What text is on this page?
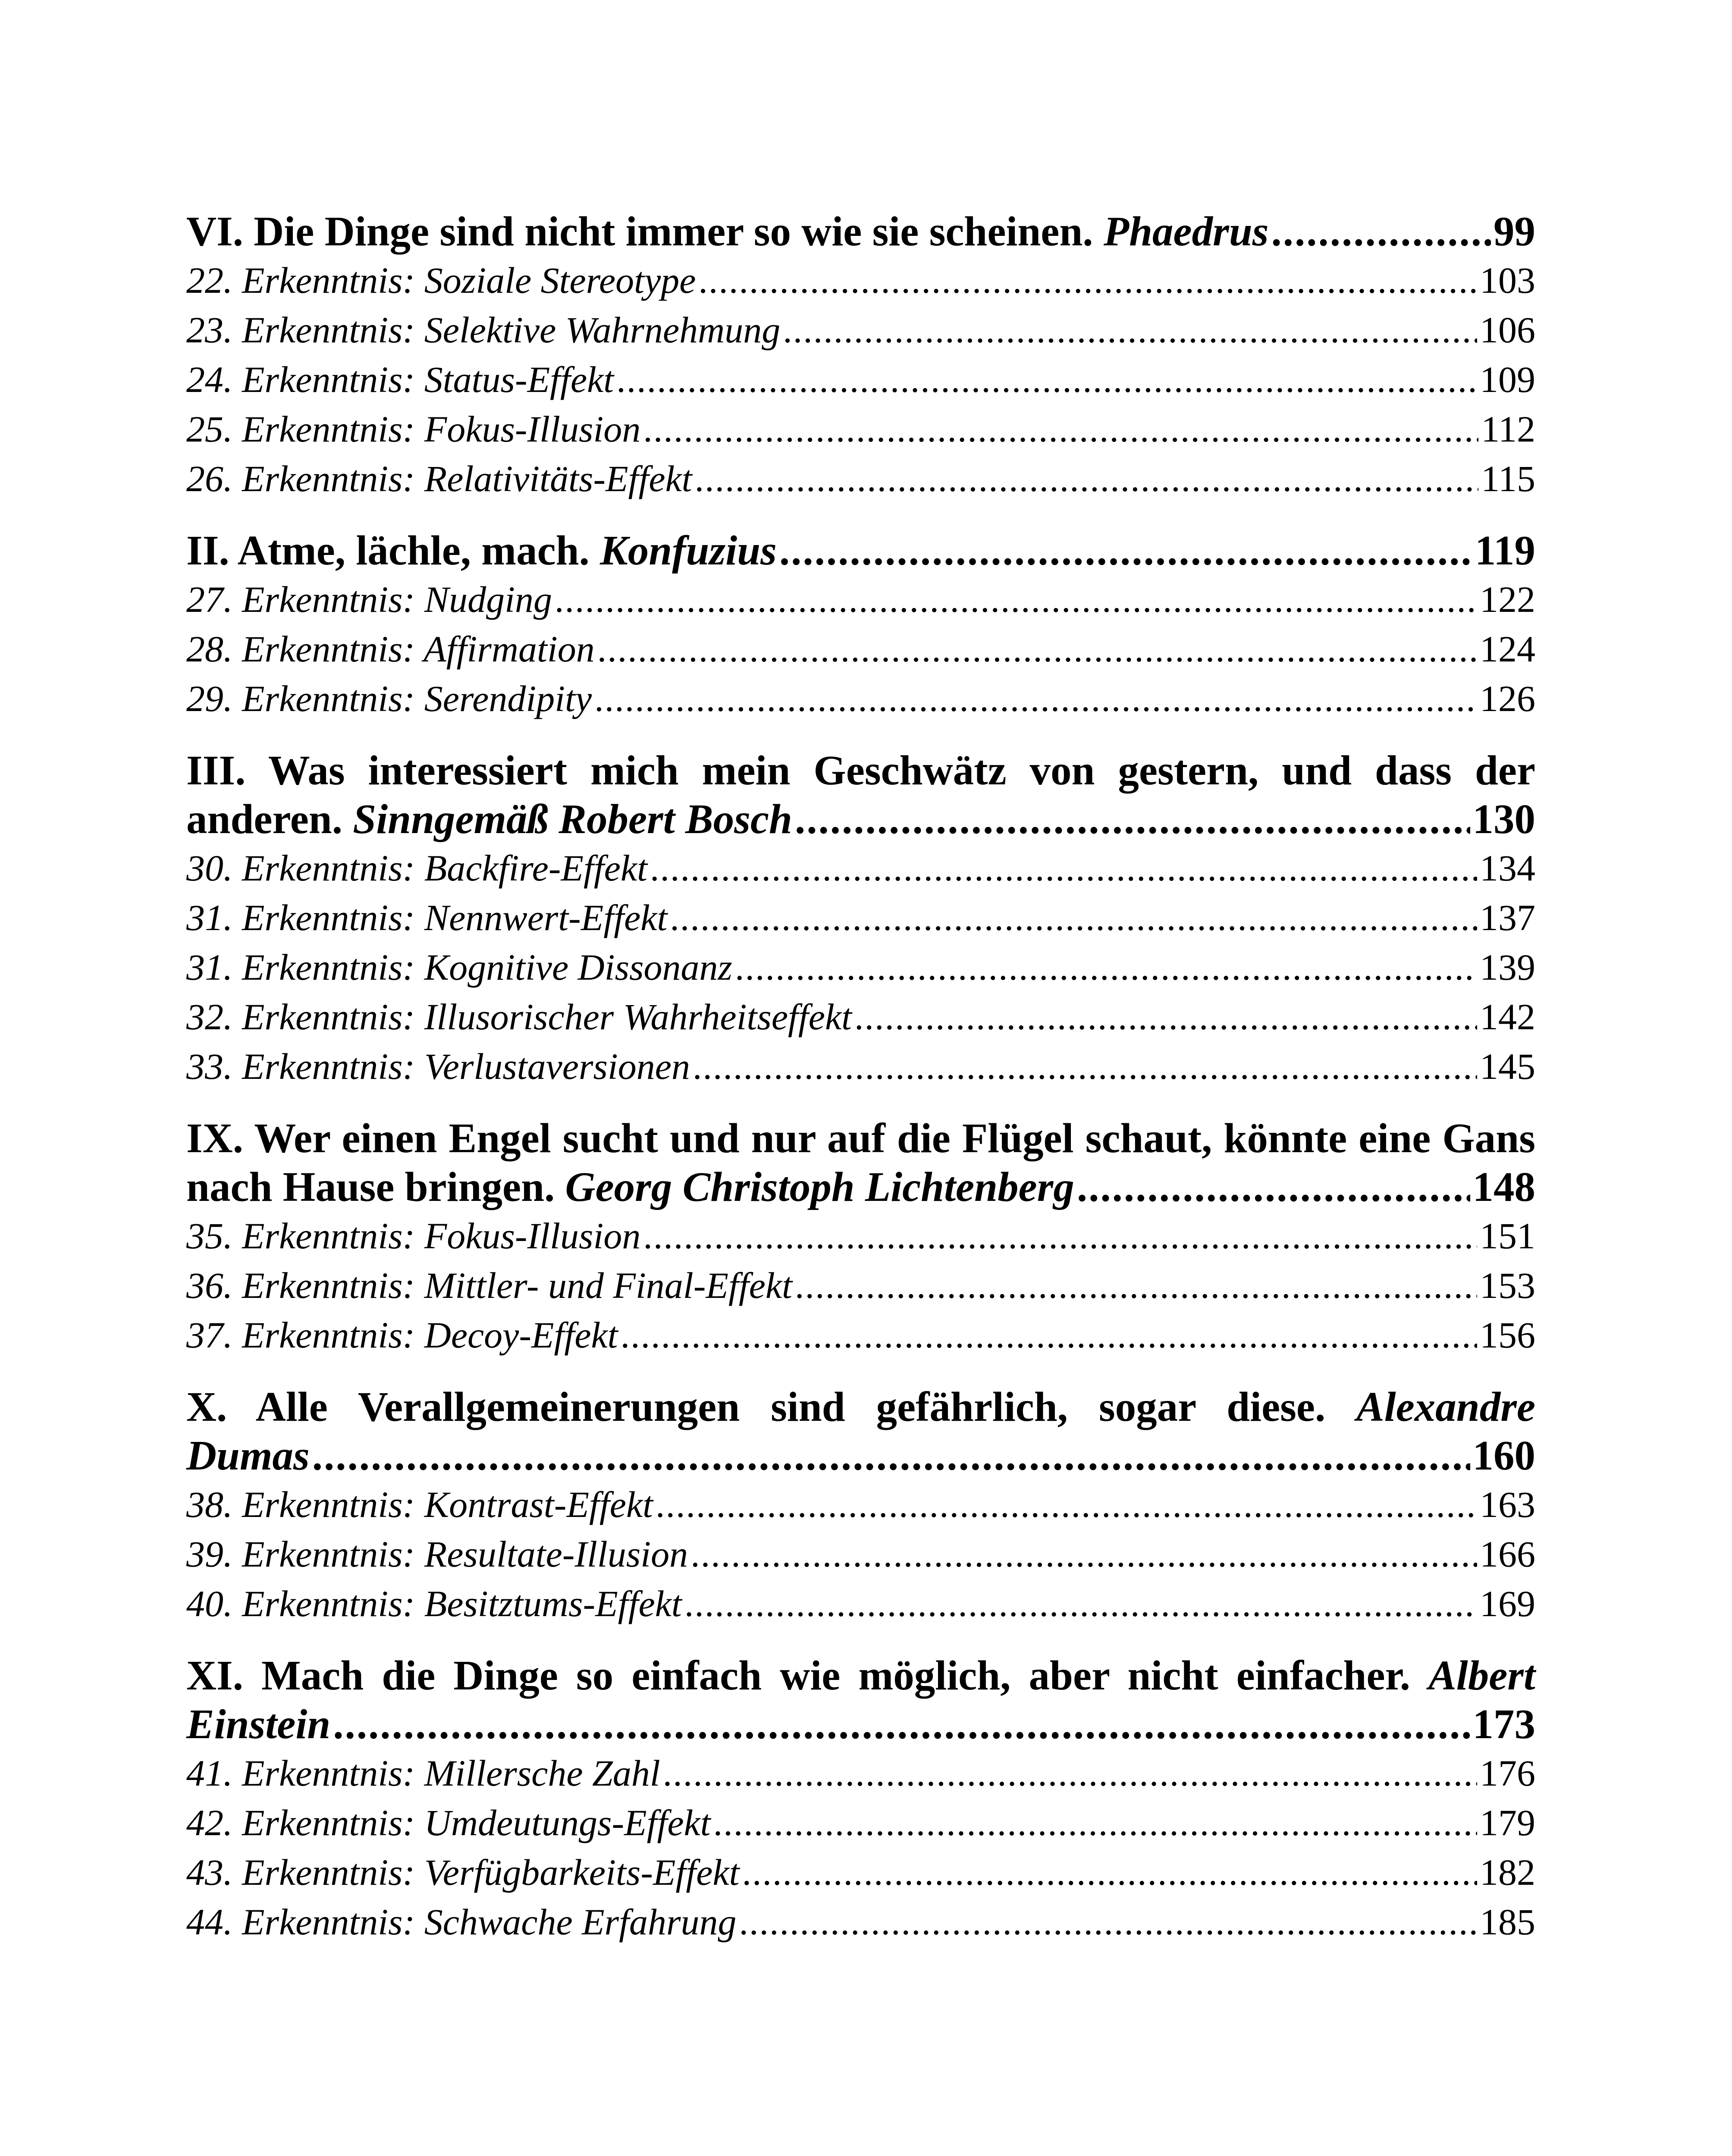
VI. Die Dinge sind nicht immer so wie sie scheinen. Phaedrus .....	99
22. Erkenntnis: Soziale Stereotype .....	103
23. Erkenntnis: Selektive Wahrnehmung .....	106
24. Erkenntnis: Status-Effekt .....	109
25. Erkenntnis: Fokus-Illusion .....	112
26. Erkenntnis: Relativitäts-Effekt .....	115
II. Atme, lächle, mach. Konfuzius .....	119
27. Erkenntnis: Nudging .....	122
28. Erkenntnis: Affirmation .....	124
29. Erkenntnis: Serendipity .....	126
III. Was interessiert mich mein Geschwätz von gestern, und dass der
anderen. Sinngemäß Robert Bosch .....	130
30. Erkenntnis: Backfire-Effekt .....	134
31. Erkenntnis: Nennwert-Effekt .....	137
31. Erkenntnis: Kognitive Dissonanz .....	139
32. Erkenntnis: Illusorischer Wahrheitseffekt .....	142
33. Erkenntnis: Verlustaversionen .....	145
IX. Wer einen Engel sucht und nur auf die Flügel schaut, könnte eine Gans
nach Hause bringen. Georg Christoph Lichtenberg .....	148
35. Erkenntnis: Fokus-Illusion .....	151
36. Erkenntnis: Mittler- und Final-Effekt .....	153
37. Erkenntnis: Decoy-Effekt .....	156
X. Alle Verallgemeinerungen sind gefährlich, sogar diese. Alexandre
Dumas .....	160
38. Erkenntnis: Kontrast-Effekt .....	163
39. Erkenntnis: Resultate-Illusion .....	166
40. Erkenntnis: Besitztums-Effekt .....	169
XI. Mach die Dinge so einfach wie möglich, aber nicht einfacher. Albert
Einstein .....	173
41. Erkenntnis: Millersche Zahl .....	176
42. Erkenntnis: Umdeutungs-Effekt .....	179
43. Erkenntnis: Verfügbarkeits-Effekt .....	182
44. Erkenntnis: Schwache Erfahrung .....	185
